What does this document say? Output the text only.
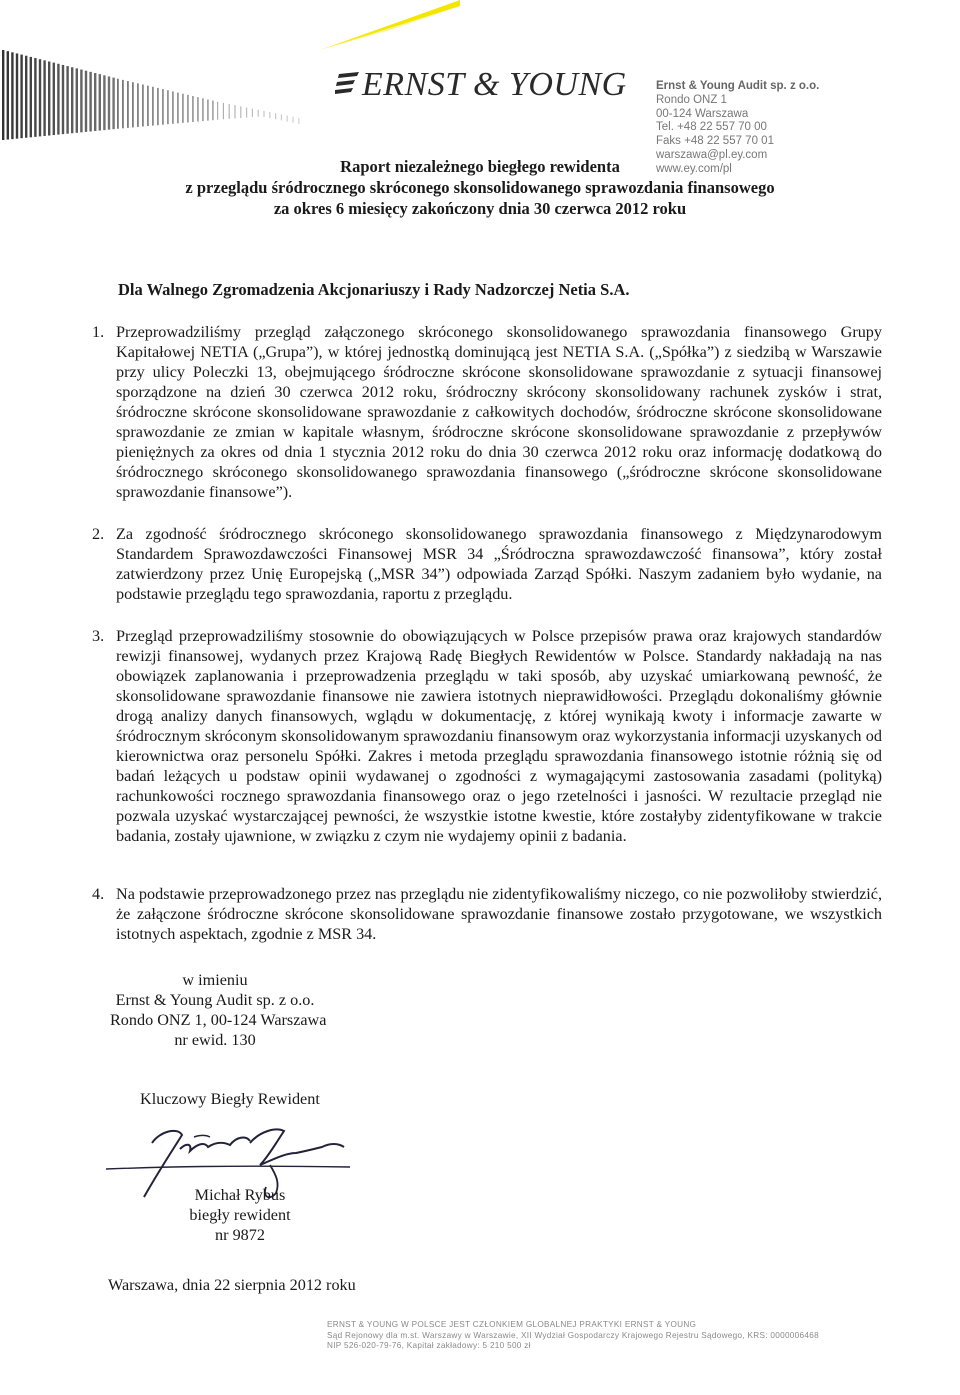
ERNST & YOUNG	Ernst & Young Audit sp. z o.o.
Rondo ONZ 1
00-124 Warszawa
Tel. +48 22 557 70 00
Faks +48 22 557 70 01
warszawa@pl.ey.com
www.ey.com/pl
Raport niezależnego biegłego rewidenta
z przeglądu śródrocznego skróconego skonsolidowanego sprawozdania finansowego
za okres 6 miesięcy zakończony dnia 30 czerwca 2012 roku
Dla Walnego Zgromadzenia Akcjonariuszy i Rady Nadzorczej Netia S.A.
1. Przeprowadziliśmy przegląd załączonego skróconego skonsolidowanego sprawozdania finansowego Grupy Kapitałowej NETIA („Grupa”), w której jednostką dominującą jest NETIA S.A. („Spółka”) z siedzibą w Warszawie przy ulicy Poleczki 13, obejmującego śródroczne skrócone skonsolidowane sprawozdanie z sytuacji finansowej sporządzone na dzień 30 czerwca 2012 roku, śródroczny skrócony skonsolidowany rachunek zysków i strat, śródroczne skrócone skonsolidowane sprawozdanie z całkowitych dochodów, śródroczne skrócone skonsolidowane sprawozdanie ze zmian w kapitale własnym, śródroczne skrócone skonsolidowane sprawozdanie z przepływów pieniężnych za okres od dnia 1 stycznia 2012 roku do dnia 30 czerwca 2012 roku oraz informację dodatkową do śródrocznego skróconego skonsolidowanego sprawozdania finansowego („śródroczne skrócone skonsolidowane sprawozdanie finansowe”).
2. Za zgodność śródrocznego skróconego skonsolidowanego sprawozdania finansowego z Międzynarodowym Standardem Sprawozdawczości Finansowej MSR 34 „Śródroczna sprawozdawczość finansowa”, który został zatwierdzony przez Unię Europejską („MSR 34”) odpowiada Zarząd Spółki. Naszym zadaniem było wydanie, na podstawie przeglądu tego sprawozdania, raportu z przeglądu.
3. Przegląd przeprowadziliśmy stosownie do obowiązujących w Polsce przepisów prawa oraz krajowych standardów rewizji finansowej, wydanych przez Krajową Radę Biegłych Rewidentów w Polsce. Standardy nakładają na nas obowiązek zaplanowania i przeprowadzenia przeglądu w taki sposób, aby uzyskać umiarkowaną pewność, że skonsolidowane sprawozdanie finansowe nie zawiera istotnych nieprawidłowości. Przeglądu dokonaliśmy głównie drogą analizy danych finansowych, wglądu w dokumentację, z której wynikają kwoty i informacje zawarte w śródrocznym skróconym skonsolidowanym sprawozdaniu finansowym oraz wykorzystania informacji uzyskanych od kierownictwa oraz personelu Spółki. Zakres i metoda przeglądu sprawozdania finansowego istotnie różnią się od badań leżących u podstaw opinii wydawanej o zgodności z wymagającymi zastosowania zasadami (polityką) rachunkowości rocznego sprawozdania finansowego oraz o jego rzetelności i jasności. W rezultacie przegląd nie pozwala uzyskać wystarczającej pewności, że wszystkie istotne kwestie, które zostałyby zidentyfikowane w trakcie badania, zostały ujawnione, w związku z czym nie wydajemy opinii z badania.
4. Na podstawie przeprowadzonego przez nas przeglądu nie zidentyfikowaliśmy niczego, co nie pozwoliłoby stwierdzić, że załączone śródroczne skrócone skonsolidowane sprawozdanie finansowe zostało przygotowane, we wszystkich istotnych aspektach, zgodnie z MSR 34.
w imieniu
Ernst & Young Audit sp. z o.o.
Rondo ONZ 1, 00-124 Warszawa
nr ewid. 130
Kluczowy Biegły Rewident
Michał Rybus
biegły rewident
nr 9872
Warszawa, dnia 22 sierpnia 2012 roku
ERNST & YOUNG W POLSCE JEST CZŁONKIEM GLOBALNEJ PRAKTYKI ERNST & YOUNG
Sąd Rejonowy dla m.st. Warszawy w Warszawie, XII Wydział Gospodarczy Krajowego Rejestru Sądowego, KRS: 0000006468
NIP 526-020-79-76, Kapitał zakładowy: 5 210 500 zł
